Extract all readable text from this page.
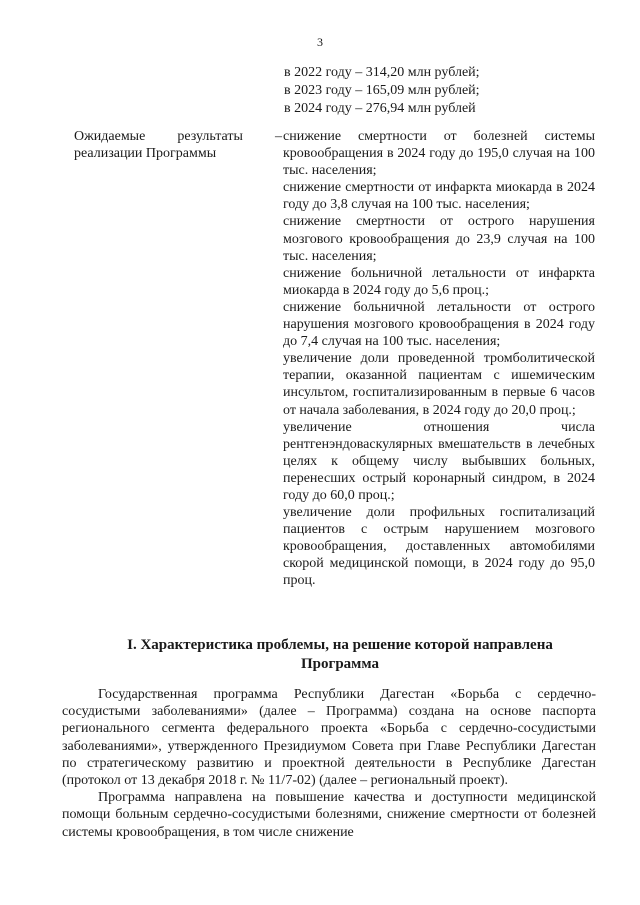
3
в 2022 году – 314,20 млн рублей;
в 2023 году – 165,09 млн рублей;
в 2024 году – 276,94 млн рублей
Ожидаемые результаты –
реализации Программы
снижение смертности от болезней системы кровообращения в 2024 году до 195,0 случая на 100 тыс. населения;
снижение смертности от инфаркта миокарда в 2024 году до 3,8 случая на 100 тыс. населения;
снижение смертности от острого нарушения мозгового кровообращения до 23,9 случая на 100 тыс. населения;
снижение больничной летальности от инфаркта миокарда в 2024 году до 5,6 проц.;
снижение больничной летальности от острого нарушения мозгового кровообращения в 2024 году до 7,4 случая на 100 тыс. населения;
увеличение доли проведенной тромболитической терапии, оказанной пациентам с ишемическим инсультом, госпитализированным в первые 6 часов от начала заболевания, в 2024 году до 20,0 проц.;
увеличение отношения числа рентгенэндоваскулярных вмешательств в лечебных целях к общему числу выбывших больных, перенесших острый коронарный синдром, в 2024 году до 60,0 проц.;
увеличение доли профильных госпитализаций пациентов с острым нарушением мозгового кровообращения, доставленных автомобилями скорой медицинской помощи, в 2024 году до 95,0 проц.
I. Характеристика проблемы, на решение которой направлена Программа

Государственная программа Республики Дагестан «Борьба с сердечно-сосудистыми заболеваниями» (далее – Программа) создана на основе паспорта регионального сегмента федерального проекта «Борьба с сердечно-сосудистыми заболеваниями», утвержденного Президиумом Совета при Главе Республики Дагестан по стратегическому развитию и проектной деятельности в Республике Дагестан (протокол от 13 декабря 2018 г. № 11/7-02) (далее – региональный проект).

Программа направлена на повышение качества и доступности медицинской помощи больным сердечно-сосудистыми болезнями, снижение смертности от болезней системы кровообращения, в том числе снижение
